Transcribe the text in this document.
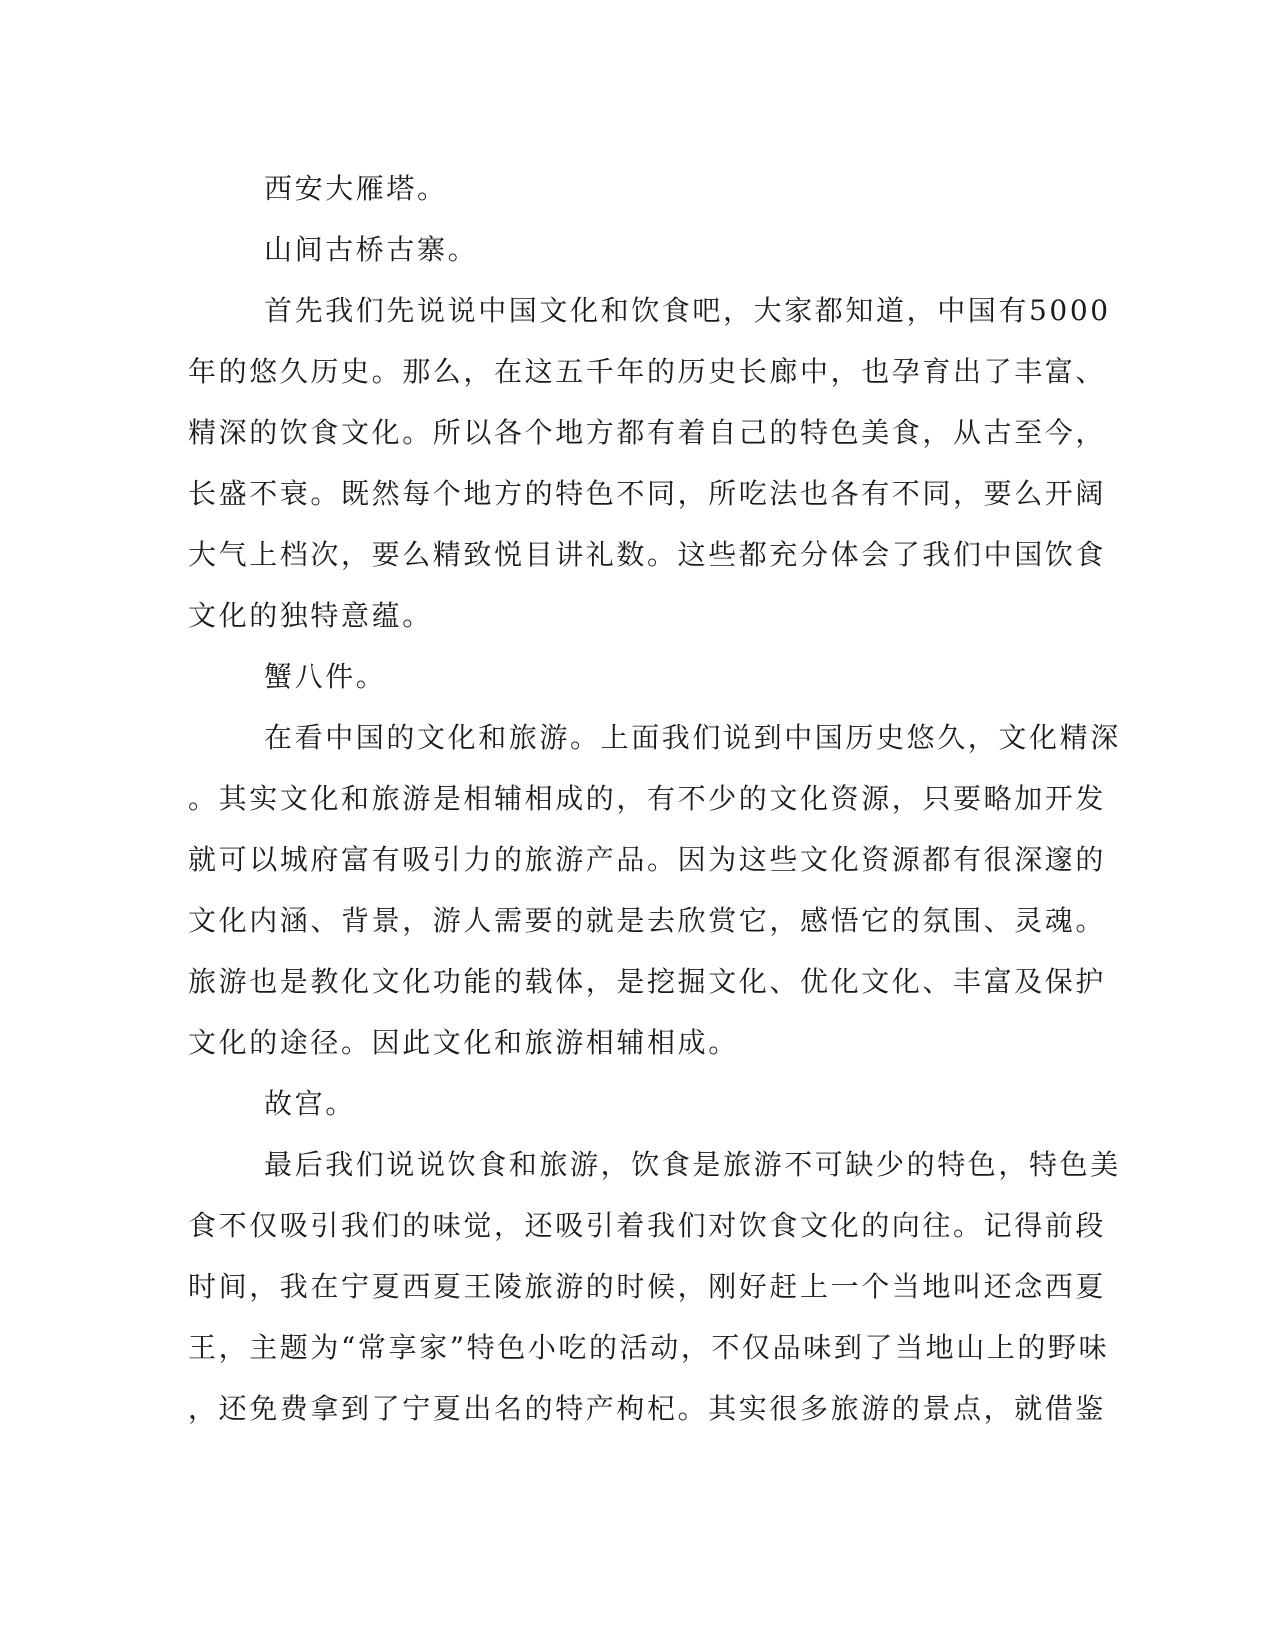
西安大雁塔。
山间古桥古寨。
首先我们先说说中国文化和饮食吧，大家都知道，中国有5000
年的悠久历史。那么，在这五千年的历史长廊中，也孕育出了丰富、
精深的饮食文化。所以各个地方都有着自己的特色美食，从古至今，
长盛不衰。既然每个地方的特色不同，所吃法也各有不同，要么开阔
大气上档次，要么精致悦目讲礼数。这些都充分体会了我们中国饮食
文化的独特意蕴。
蟹八件。
在看中国的文化和旅游。上面我们说到中国历史悠久，文化精深
。其实文化和旅游是相辅相成的，有不少的文化资源，只要略加开发
就可以城府富有吸引力的旅游产品。因为这些文化资源都有很深邃的
文化内涵、背景，游人需要的就是去欣赏它，感悟它的氛围、灵魂。
旅游也是教化文化功能的载体，是挖掘文化、优化文化、丰富及保护
文化的途径。因此文化和旅游相辅相成。
故宫。
最后我们说说饮食和旅游，饮食是旅游不可缺少的特色，特色美
食不仅吸引我们的味觉，还吸引着我们对饮食文化的向往。记得前段
时间，我在宁夏西夏王陵旅游的时候，刚好赶上一个当地叫还念西夏
王，主题为“常享家”特色小吃的活动，不仅品味到了当地山上的野味
，还免费拿到了宁夏出名的特产枸杞。其实很多旅游的景点，就借鉴
